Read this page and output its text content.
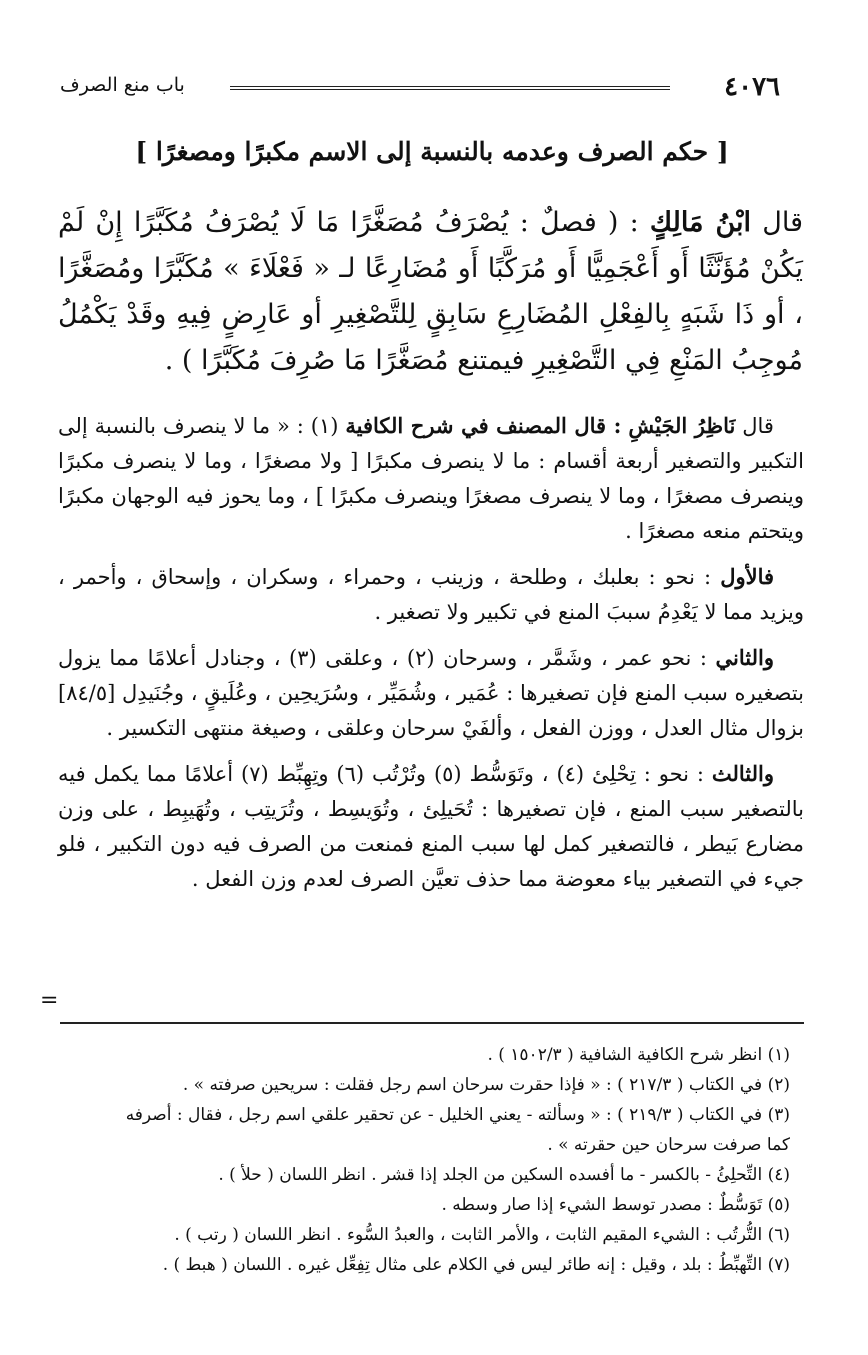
٤٠٧٦
باب منع الصرف
[ حكم الصرف وعدمه بالنسبة إلى الاسم مكبرًا ومصغرًا ]
قال ابْنُ مَالِكٍ : ( فصلٌ : يُصْرَفُ مُصَغَّرًا مَا لَا يُصْرَفُ مُكَبَّرًا إِنْ لَمْ يَكُنْ مُؤَنَّثًا أَو أَعْجَمِيًّا أَو مُرَكَّبًا أَو مُضَارِعًا لـ « فَعْلَاءَ » مُكَبَّرًا ومُصَغَّرًا ، أو ذَا شَبَهٍ بِالفِعْلِ المُضَارِعِ سَابِقٍ لِلتَّصْغِيرِ أو عَارِضٍ فِيهِ وقَدْ يَكْمُلُ مُوجِبُ المَنْعِ فِي التَّصْغِيرِ فيمتنع مُصَغَّرًا مَا صُرِفَ مُكَبَّرًا ) .

قال نَاظِرُ الجَيْشِ : قال المصنف في شرح الكافية (١) : « ما لا ينصرف بالنسبة إلى التكبير والتصغير أربعة أقسام : ما لا ينصرف مكبرًا [ ولا مصغرًا ، وما لا ينصرف مكبرًا وينصرف مصغرًا ، وما لا ينصرف مصغرًا وينصرف مكبرًا ] ، وما يحوز فيه الوجهان مكبرًا ويتحتم منعه مصغرًا .

فالأول : نحو : بعلبك ، وطلحة ، وزينب ، وحمراء ، وسكران ، وإسحاق ، وأحمر ، ويزيد مما لا يَعْدِمُ سببَ المنع في تكبير ولا تصغير .

والثاني : نحو عمر ، وشَمَّر ، وسرحان (٢) ، وعلقى (٣) ، وجنادل أعلامًا مما يزول بتصغيره سبب المنع فإن تصغيرها : عُمَير ، وشُمَيِّر ، وسُرَيحِين ، وعُلَيقٍ ، وجُنَيدِل [٨٤/٥] بزوال مثال العدل ، ووزن الفعل ، وألفَيْ سرحان وعلقى ، وصيغة منتهى التكسير .

والثالث : نحو : تِحْلِئ (٤) ، وتَوَسُّط (٥) وتُرْتُب (٦) وتِهِبِّط (٧) أعلامًا مما يكمل فيه بالتصغير سبب المنع ، فإن تصغيرها : تُحَيلِئ ، وتُوَيسِط ، وتُرَيتِب ، وتُهَيبِط ، على وزن مضارع بَيطر ، فالتصغير كمل لها سبب المنع فمنعت من الصرف فيه دون التكبير ، فلو جيء في التصغير بياء معوضة مما حذف تعيَّن الصرف لعدم وزن الفعل .

=
(١) انظر شرح الكافية الشافية ( ١٥٠٢/٣ ) .
(٢) في الكتاب ( ٢١٧/٣ ) : « فإذا حقرت سرحان اسم رجل فقلت : سريحين صرفته » .
(٣) في الكتاب ( ٢١٩/٣ ) : « وسألته - يعني الخليل - عن تحقير علقي اسم رجل ، فقال : أصرفه
كما صرفت سرحان حين حقرته » .
(٤) التِّحلِئُ - بالكسر - ما أفسده السكين من الجلد إذا قشر . انظر اللسان ( حلأ ) .
(٥) تَوَسُّطٌ : مصدر توسط الشيء إذا صار وسطه .
(٦) التُّرتُب : الشيء المقيم الثابت ، والأمر الثابت ، والعبدُ السُّوء . انظر اللسان ( رتب ) .
(٧) التِّهبِّطُ : بلد ، وقيل : إنه طائر ليس في الكلام على مثال تِفِعِّل غيره . اللسان ( هبط ) .
